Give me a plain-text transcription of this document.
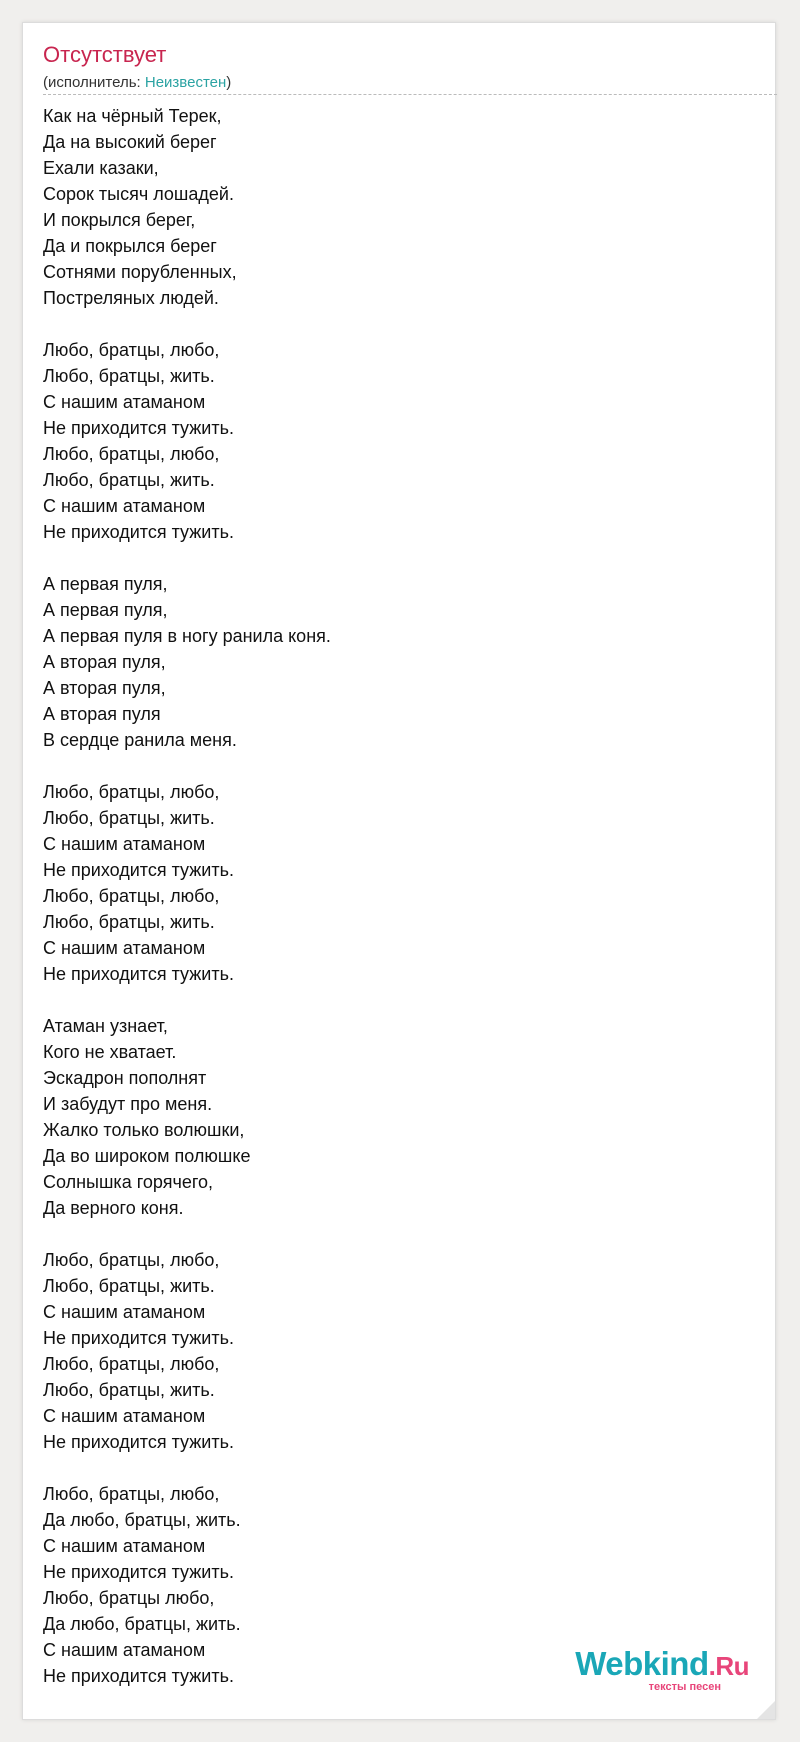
Отсутствует
(исполнитель: Неизвестен)
Как на чёрный Терек,
Да на высокий берег
Ехали казаки,
Сорок тысяч лошадей.
И покрылся берег,
Да и покрылся берег
Сотнями порубленных,
Постреляных людей.
Любо, братцы, любо,
Любо, братцы, жить.
С нашим атаманом
Не приходится тужить.
Любо, братцы, любо,
Любо, братцы, жить.
С нашим атаманом
Не приходится тужить.
А первая пуля,
А первая пуля,
А первая пуля в ногу ранила коня.
А вторая пуля,
А вторая пуля,
А вторая пуля
В сердце ранила меня.
Любо, братцы, любо,
Любо, братцы, жить.
С нашим атаманом
Не приходится тужить.
Любо, братцы, любо,
Любо, братцы, жить.
С нашим атаманом
Не приходится тужить.
Атаман узнает,
Кого не хватает.
Эскадрон пополнят
И забудут про меня.
Жалко только волюшки,
Да во широком полюшке
Солнышка горячего,
Да верного коня.
Любо, братцы, любо,
Любо, братцы, жить.
С нашим атаманом
Не приходится тужить.
Любо, братцы, любо,
Любо, братцы, жить.
С нашим атаманом
Не приходится тужить.
Любо, братцы, любо,
Да любо, братцы, жить.
С нашим атаманом
Не приходится тужить.
Любо, братцы любо,
Да любо, братцы, жить.
С нашим атаманом
Не приходится тужить.	Webkind.Ru
тексты песен
